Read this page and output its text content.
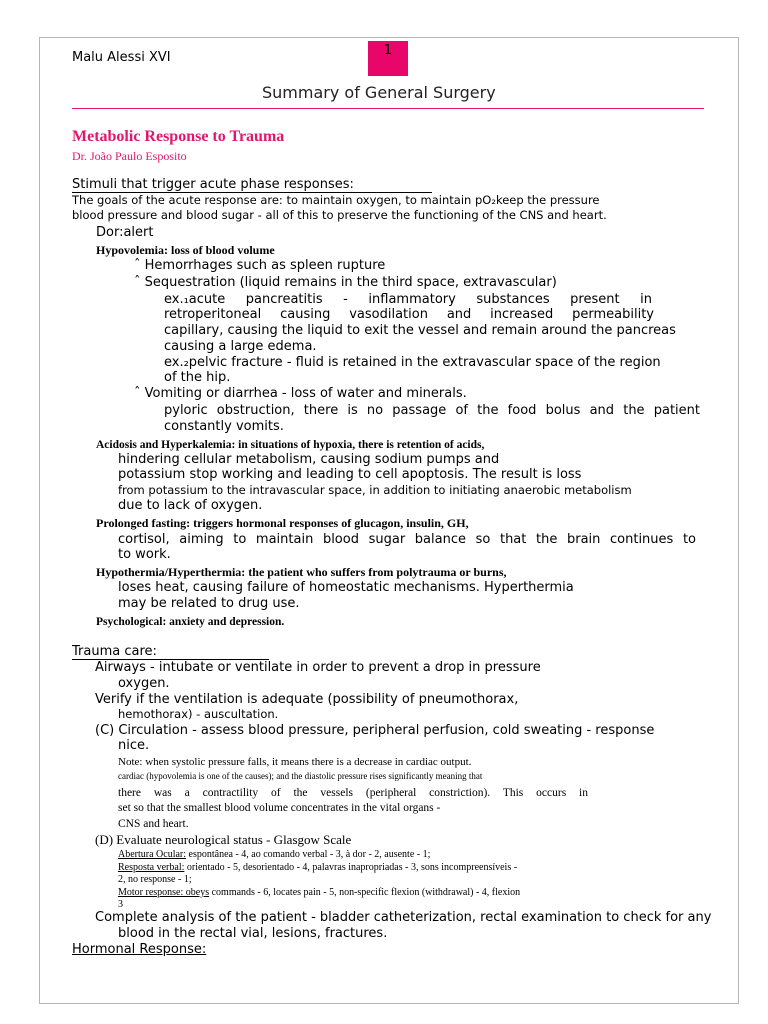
Malu Alessi XVI	1
Summary of General Surgery
Metabolic Response to Trauma
Dr. João Paulo Esposito
Stimuli that trigger acute phase responses:
The goals of the acute response are: to maintain oxygen, to maintain pO₂keep the pressure
blood pressure and blood sugar - all of this to preserve the functioning of the CNS and heart.
Dor:alert
Hypovolemia: loss of blood volume
ˆ Hemorrhages such as spleen rupture
ˆ Sequestration (liquid remains in the third space, extravascular)
ex.₁acute pancreatitis - inflammatory substances present in
retroperitoneal causing vasodilation and increased permeability
capillary, causing the liquid to exit the vessel and remain around the pancreas
causing a large edema.
ex.₂pelvic fracture - fluid is retained in the extravascular space of the region
of the hip.
ˆ Vomiting or diarrhea - loss of water and minerals.
pyloric obstruction, there is no passage of the food bolus and the patient
constantly vomits.
Acidosis and Hyperkalemia: in situations of hypoxia, there is retention of acids,
hindering cellular metabolism, causing sodium pumps and
potassium stop working and leading to cell apoptosis. The result is loss
from potassium to the intravascular space, in addition to initiating anaerobic metabolism
due to lack of oxygen.
Prolonged fasting: triggers hormonal responses of glucagon, insulin, GH,
cortisol, aiming to maintain blood sugar balance so that the brain continues to
to work.
Hypothermia/Hyperthermia: the patient who suffers from polytrauma or burns,
loses heat, causing failure of homeostatic mechanisms. Hyperthermia
may be related to drug use.
Psychological: anxiety and depression.
Trauma care:
Airways - intubate or ventilate in order to prevent a drop in pressure
oxygen.
Verify if the ventilation is adequate (possibility of pneumothorax,
hemothorax) - auscultation.
(C) Circulation - assess blood pressure, peripheral perfusion, cold sweating - response
nice.
Note: when systolic pressure falls, it means there is a decrease in cardiac output.
cardiac (hypovolemia is one of the causes); and the diastolic pressure rises significantly meaning that
there was a contractility of the vessels (peripheral constriction). This occurs in
set so that the smallest blood volume concentrates in the vital organs -
CNS and heart.
(D) Evaluate neurological status - Glasgow Scale
Abertura Ocular: espontânea - 4, ao comando verbal - 3, à dor - 2, ausente - 1;
Resposta verbal: orientado - 5, desorientado - 4, palavras inapropriadas - 3, sons incompreensíveis -
2, no response - 1;
Motor response: obeys commands - 6, locates pain - 5, non-specific flexion (withdrawal) - 4, flexion
3
Complete analysis of the patient - bladder catheterization, rectal examination to check for any
blood in the rectal vial, lesions, fractures.
Hormonal Response:
